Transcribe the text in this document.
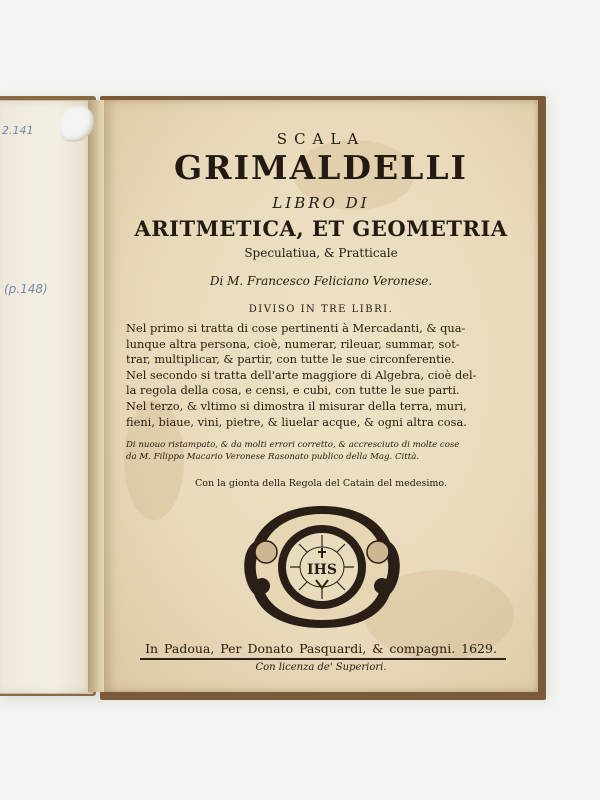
2.141
(p.148)
SCALA
GRIMALDELLI
LIBRO DI
ARITMETICA, ET GEOMETRIA
Speculatiua, & Pratticale
Di M. Francesco Feliciano Veronese.
DIVISO IN TRE LIBRI.
Nel primo si tratta di cose pertinenti à Mercadanti, & qua-
lunque altra persona, cioè, numerar, rileuar, summar, sot-
trar, multiplicar, & partir, con tutte le sue circonferentie.
Nel secondo si tratta dell'arte maggiore di Algebra, cioè del-
la regola della cosa, e censi, e cubi, con tutte le sue parti.
Nel terzo, & vltimo si dimostra il misurar della terra, muri,
fieni, biaue, vini, pietre, & liuelar acque, & ogni altra cosa.
Di nuouo ristampato, & da molti errori corretto, & accresciuto di molte cose
da M. Filippo Macario Veronese Rasonato publico della Mag. Città.
Con la gionta della Regola del Catain del medesimo.
IHS
In Padoua, Per Donato Pasquardi, & compagni. 1629.
Con licenza de' Superiori.
